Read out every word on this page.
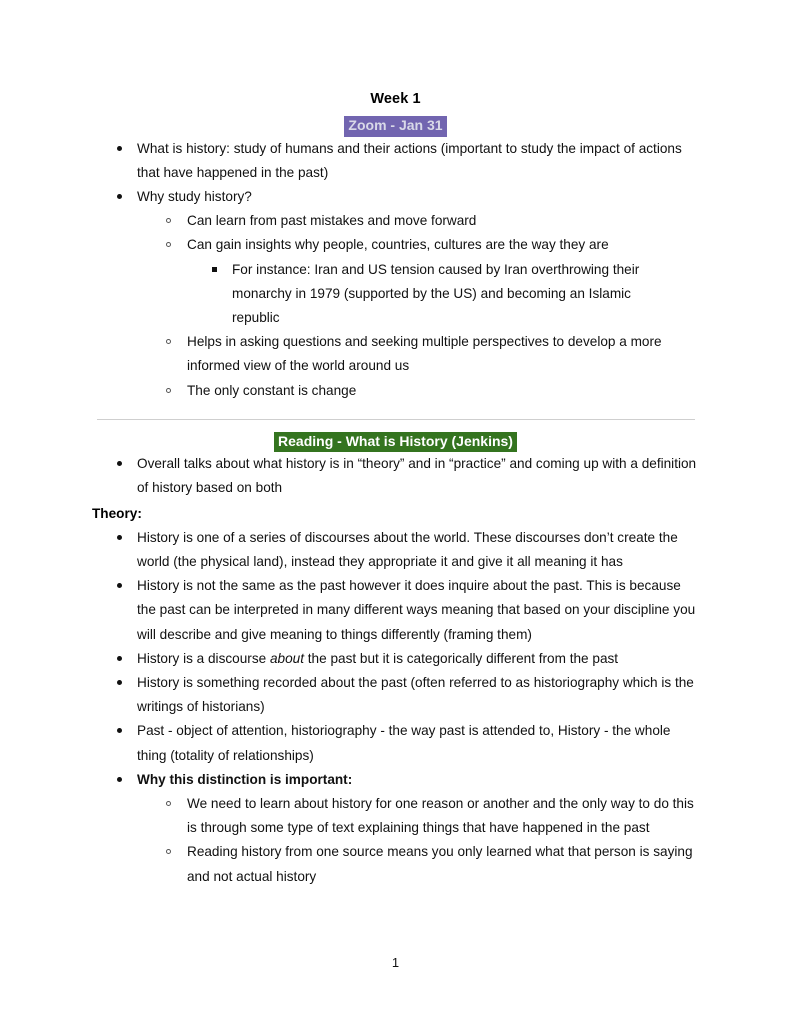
Week 1
Zoom - Jan 31
What is history: study of humans and their actions (important to study the impact of actions that have happened in the past)
Why study history?
Can learn from past mistakes and move forward
Can gain insights why people, countries, cultures are the way they are
For instance: Iran and US tension caused by Iran overthrowing their monarchy in 1979 (supported by the US) and becoming an Islamic republic
Helps in asking questions and seeking multiple perspectives to develop a more informed view of the world around us
The only constant is change
Reading - What is History (Jenkins)
Overall talks about what history is in “theory” and in “practice” and coming up with a definition of history based on both
Theory:
History is one of a series of discourses about the world. These discourses don’t create the world (the physical land), instead they appropriate it and give it all meaning it has
History is not the same as the past however it does inquire about the past. This is because the past can be interpreted in many different ways meaning that based on your discipline you will describe and give meaning to things differently (framing them)
History is a discourse about the past but it is categorically different from the past
History is something recorded about the past (often referred to as historiography which is the writings of historians)
Past - object of attention, historiography - the way past is attended to, History - the whole thing (totality of relationships)
Why this distinction is important:
We need to learn about history for one reason or another and the only way to do this is through some type of text explaining things that have happened in the past
Reading history from one source means you only learned what that person is saying and not actual history
1
